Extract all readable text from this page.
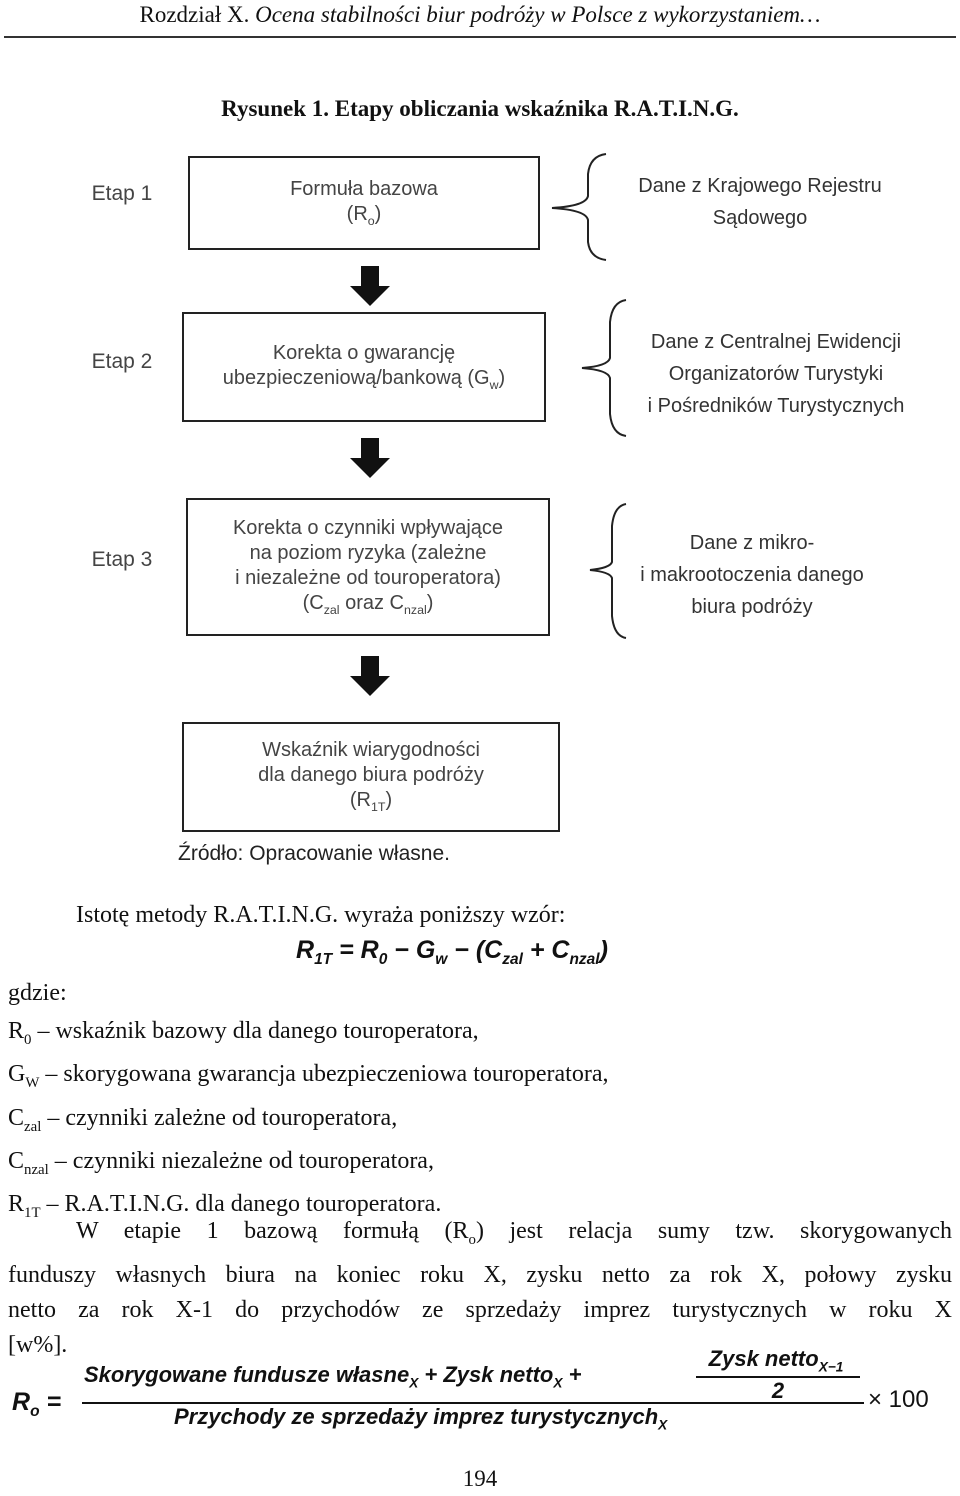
Rozdział X. Ocena stabilności biur podróży w Polsce z wykorzystaniem…
Rysunek 1. Etapy obliczania wskaźnika R.A.T.I.N.G.
Etap 1
Etap 2
Etap 3
Formuła bazowa
$(R_o)$
Korekta o gwarancję
ubezpieczeniową/bankową $(G_w)$
Korekta o czynniki wpływające
na poziom ryzyka (zależne
i niezależne od touroperatora)
($C_{zal}$ oraz $C_{nzal}$)
Wskaźnik wiarygodności
dla danego biura podróży
$(R_{1T})$
Dane z Krajowego Rejestru
Sądowego
Dane z Centralnej Ewidencji
Organizatorów Turystyki
i Pośredników Turystycznych
Dane z mikro-
i makrootoczenia danego
biura podróży
Źródło: Opracowanie własne.
Istotę metody R.A.T.I.N.G. wyraża poniższy wzór:
$R_{1T} = R_0 - G_w - (C_{zal} + C_{nzal})$
gdzie:
$R_0$ – wskaźnik bazowy dla danego touroperatora,
$G_W$ – skorygowana gwarancja ubezpieczeniowa touroperatora,
$C_{zal}$ – czynniki zależne od touroperatora,
$C_{nzal}$ – czynniki niezależne od touroperatora,
$R_{1T} - R.A.T.I.N.G$. dla danego touroperatora.
W etapie 1 bazową formułą $(R_o)$ jest relacja sumy tzw. skorygowanych
funduszy własnych biura na koniec roku X, zysku netto za rok X, połowy zysku
netto za rok X-1 do przychodów ze sprzedaży imprez turystycznych w roku X
[w%].
$R_o$ =
Skorygowane fundusze własne$_X$ + Zysk netto$_X$ +
Zysk netto$_{X-1}$
2
Przychody ze sprzedaży imprez turystycznych$_X$
× 100
194
